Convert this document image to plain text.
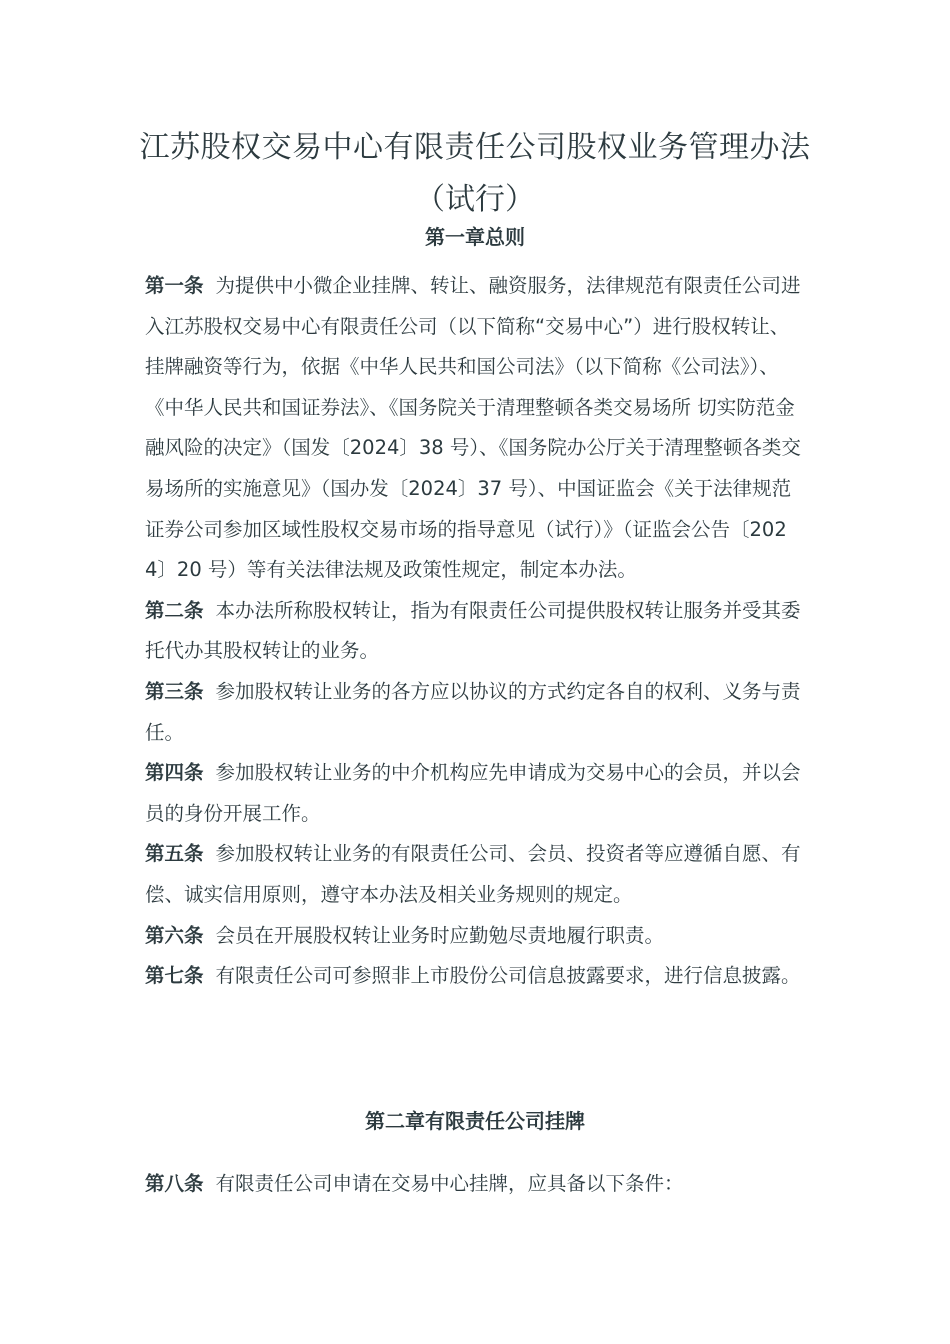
江苏股权交易中心有限责任公司股权业务管理办法
（试行）
第一章总则

第一条 为提供中小微企业挂牌、转让、融资服务，法律规范有限责任公司进入江苏股权交易中心有限责任公司（以下简称“交易中心”）进行股权转让、挂牌融资等行为，依据《中华人民共和国公司法》（以下简称《公司法》）、《中华人民共和国证券法》、《国务院关于清理整顿各类交易场所 切实防范金融风险的决定》（国发〔2024〕38 号）、《国务院办公厅关于清理整顿各类交易场所的实施意见》（国办发〔2024〕37 号）、中国证监会《关于法律规范证券公司参加区域性股权交易市场的指导意见（试行）》（证监会公告〔2024〕20 号）等有关法律法规及政策性规定，制定本办法。

第二条 本办法所称股权转让，指为有限责任公司提供股权转让服务并受其委托代办其股权转让的业务。

第三条 参加股权转让业务的各方应以协议的方式约定各自的权利、义务与责任。

第四条 参加股权转让业务的中介机构应先申请成为交易中心的会员，并以会员的身份开展工作。

第五条 参加股权转让业务的有限责任公司、会员、投资者等应遵循自愿、有偿、诚实信用原则，遵守本办法及相关业务规则的规定。

第六条 会员在开展股权转让业务时应勤勉尽责地履行职责。

第七条 有限责任公司可参照非上市股份公司信息披露要求，进行信息披露。

第二章有限责任公司挂牌

第八条 有限责任公司申请在交易中心挂牌，应具备以下条件：
